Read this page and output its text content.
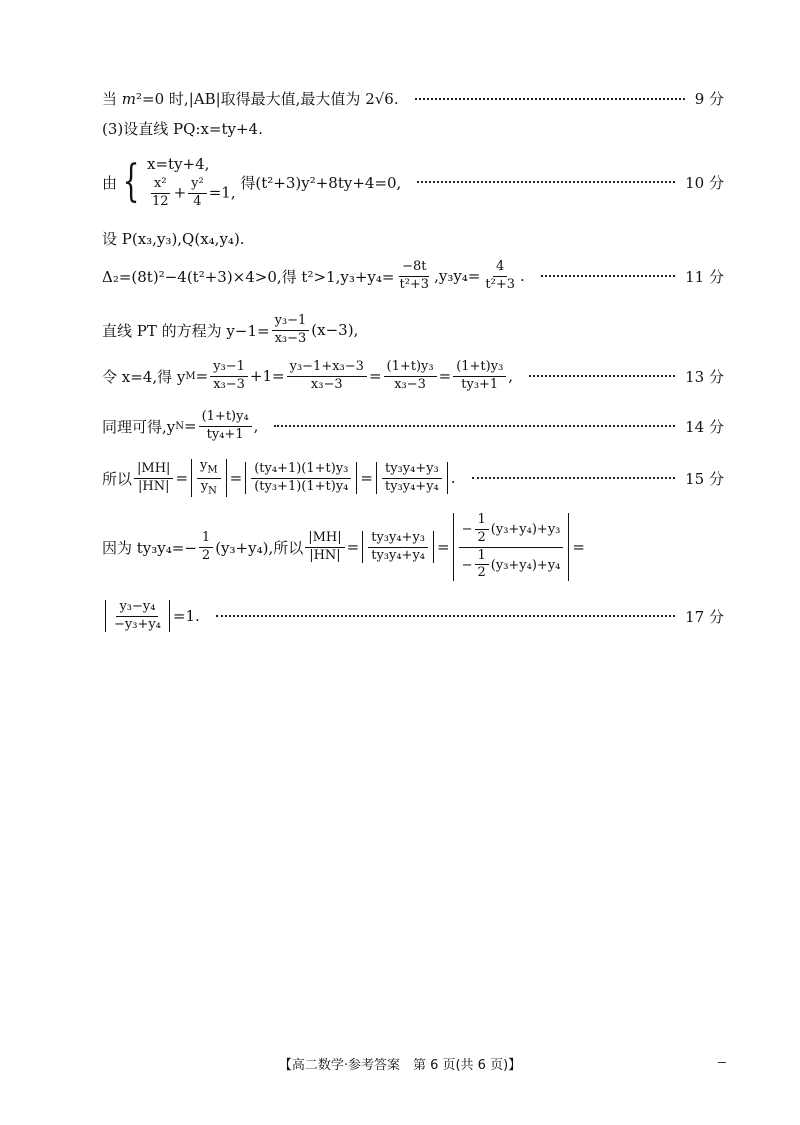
当
m ²=0 时,|AB|取得最大值,最大值为 2√6.	9 分
(3)设直线 PQ:x=ty+4.
由 { x=ty+4,
$\frac{\text{x²}}{12} + \frac{\text{y²}}{4} =1$,

得(t²+3)y²+8ty+4=0,	10 分
设 P(x₃,y₃),Q(x₄,y₄).
Δ₂=(8t)²−4(t²+3)×4>0,得 $t^2>1,y_3+y_4= \frac{-8t}{\text{t²+3}} ,y_3y_4= \frac{4}{\text{t²+3}}$ .	11 分
直线 PT 的方程为 $y-1= \frac{\text{y₃−1}}{\text{x₃−3}} (x-3)$,
令 x=4,得 y $M = \frac{\text{y₃−1}}{\text{x₃−3}} +1= \frac{\text{y₃−1+x₃−3}}{\text{x₃−3}} = \frac{\text{(1+t)y₃}}{\text{x₃−3}} = \frac{\text{(1+t)y₃}}{\text{ty₃+1}}$ ,	13 分
同理可得,y $N = \frac{\text{(1+t)y₄}}{\text{ty₄+1}}$ ,	14 分
所以 $\frac{|MH|}{|HN|} = \frac{y_M}{y_N} = \frac{\text{(ty₄+1)(1+t)y₃}}{\text{(ty₃+1)(1+t)y₄}} = \frac{\text{ty₃y₄+y₃}}{\text{ty₃y₄+y₄}}$ .	15 分
因为 $ty_3y_4=- \frac{1}{2} (y_3+y_4)$,所以 $\frac{|MH|}{|HN|} = \frac{\text{ty₃y₄+y₃}}{\text{ty₃y₄+y₄}} = \frac{- \frac{1}{2} (y_3+y_4)+y_3}{- \frac{1}{2} (y_3+y_4)+y_4}$ =
$\frac{\text{y₃−y₄}}{\text{−y₃+y₄}} =1$.	17 分
【高二数学·参考答案　第 6 页(共 6 页)】
